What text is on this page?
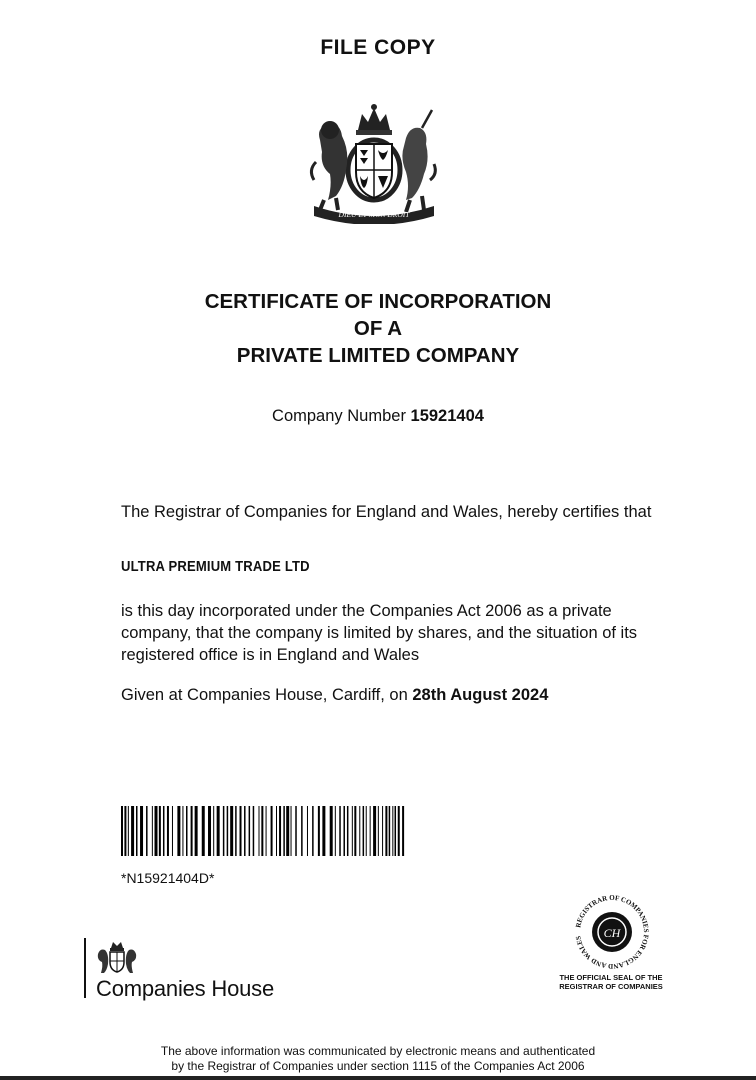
FILE COPY
DIEU ET MON DROIT
CERTIFICATE OF INCORPORATION
OF A
PRIVATE LIMITED COMPANY
Company Number 15921404
The Registrar of Companies for England and Wales, hereby certifies that
ULTRA PREMIUM TRADE LTD
is this day incorporated under the Companies Act 2006 as a private company, that the company is limited by shares, and the situation of its registered office is in England and Wales
Given at Companies House, Cardiff, on 28th August 2024
*N15921404D*
Companies House
REGISTRAR OF COMPANIES FOR ENGLAND AND WALES	CH
THE OFFICIAL SEAL OF THE
REGISTRAR OF COMPANIES
The above information was communicated by electronic means and authenticated
by the Registrar of Companies under section 1115 of the Companies Act 2006
